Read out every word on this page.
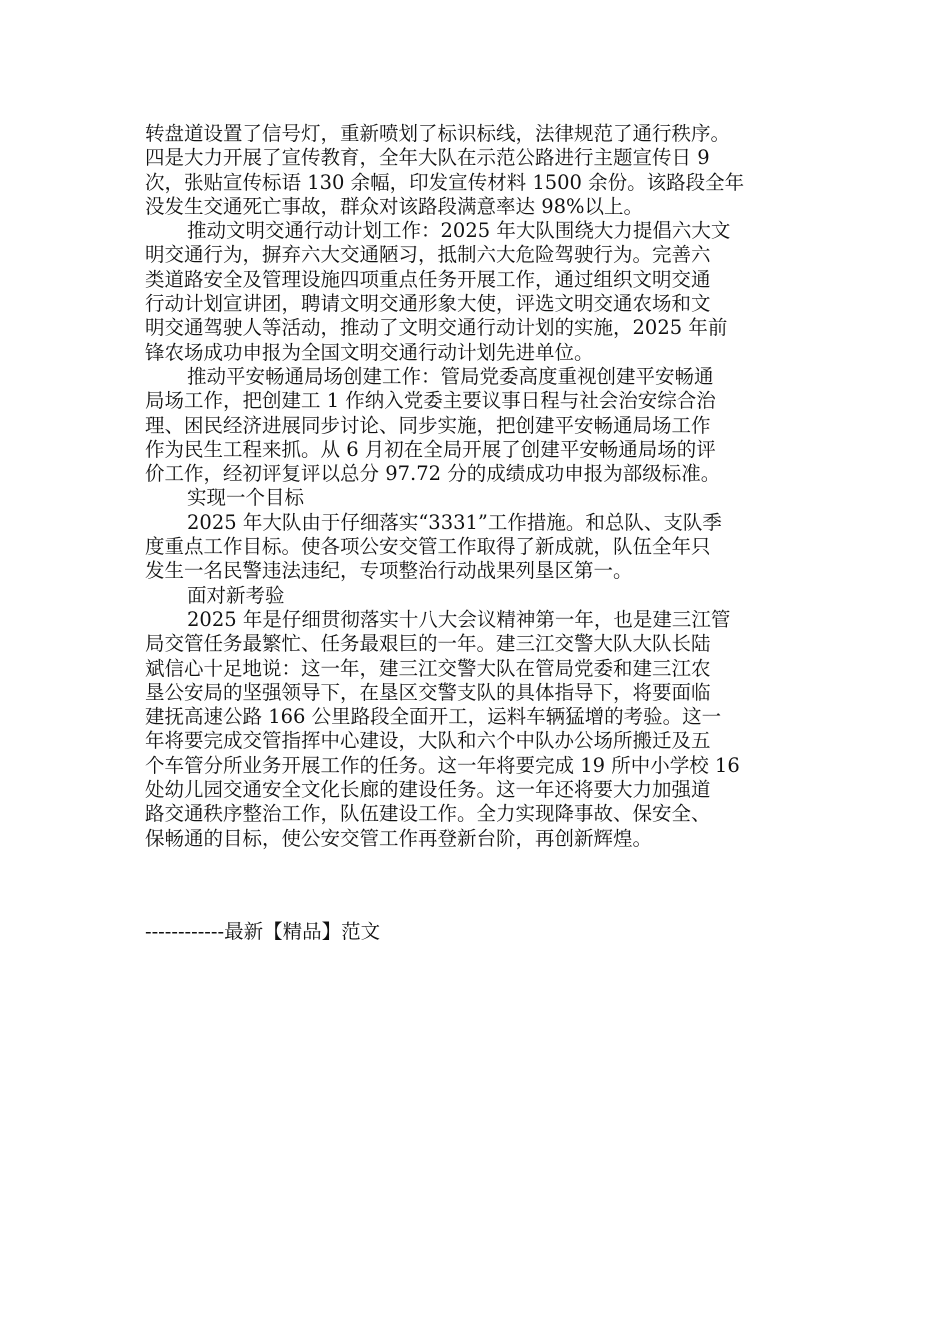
转盘道设置了信号灯，重新喷划了标识标线，法律规范了通行秩序。
四是大力开展了宣传教育，全年大队在示范公路进行主题宣传日 9
次，张贴宣传标语 130 余幅，印发宣传材料 1500 余份。该路段全年
没发生交通死亡事故，群众对该路段满意率达 98%以上。
推动文明交通行动计划工作：2025 年大队围绕大力提倡六大文
明交通行为，摒弃六大交通陋习，抵制六大危险驾驶行为。完善六
类道路安全及管理设施四项重点任务开展工作，通过组织文明交通
行动计划宣讲团，聘请文明交通形象大使，评选文明交通农场和文
明交通驾驶人等活动，推动了文明交通行动计划的实施，2025 年前
锋农场成功申报为全国文明交通行动计划先进单位。
推动平安畅通局场创建工作：管局党委高度重视创建平安畅通
局场工作，把创建工 1 作纳入党委主要议事日程与社会治安综合治
理、困民经济进展同步讨论、同步实施，把创建平安畅通局场工作
作为民生工程来抓。从 6 月初在全局开展了创建平安畅通局场的评
价工作，经初评复评以总分 97.72 分的成绩成功申报为部级标准。
实现一个目标
2025 年大队由于仔细落实“3331”工作措施。和总队、支队季
度重点工作目标。使各项公安交管工作取得了新成就，队伍全年只
发生一名民警违法违纪，专项整治行动战果列垦区第一。
面对新考验
2025 年是仔细贯彻落实十八大会议精神第一年，也是建三江管
局交管任务最繁忙、任务最艰巨的一年。建三江交警大队大队长陆
斌信心十足地说：这一年，建三江交警大队在管局党委和建三江农
垦公安局的坚强领导下，在垦区交警支队的具体指导下，将要面临
建抚高速公路 166 公里路段全面开工，运料车辆猛增的考验。这一
年将要完成交管指挥中心建设，大队和六个中队办公场所搬迁及五
个车管分所业务开展工作的任务。这一年将要完成 19 所中小学校 16
处幼儿园交通安全文化长廊的建设任务。这一年还将要大力加强道
路交通秩序整治工作，队伍建设工作。全力实现降事故、保安全、
保畅通的目标，使公安交管工作再登新台阶，再创新辉煌。
------------最新【精品】范文
